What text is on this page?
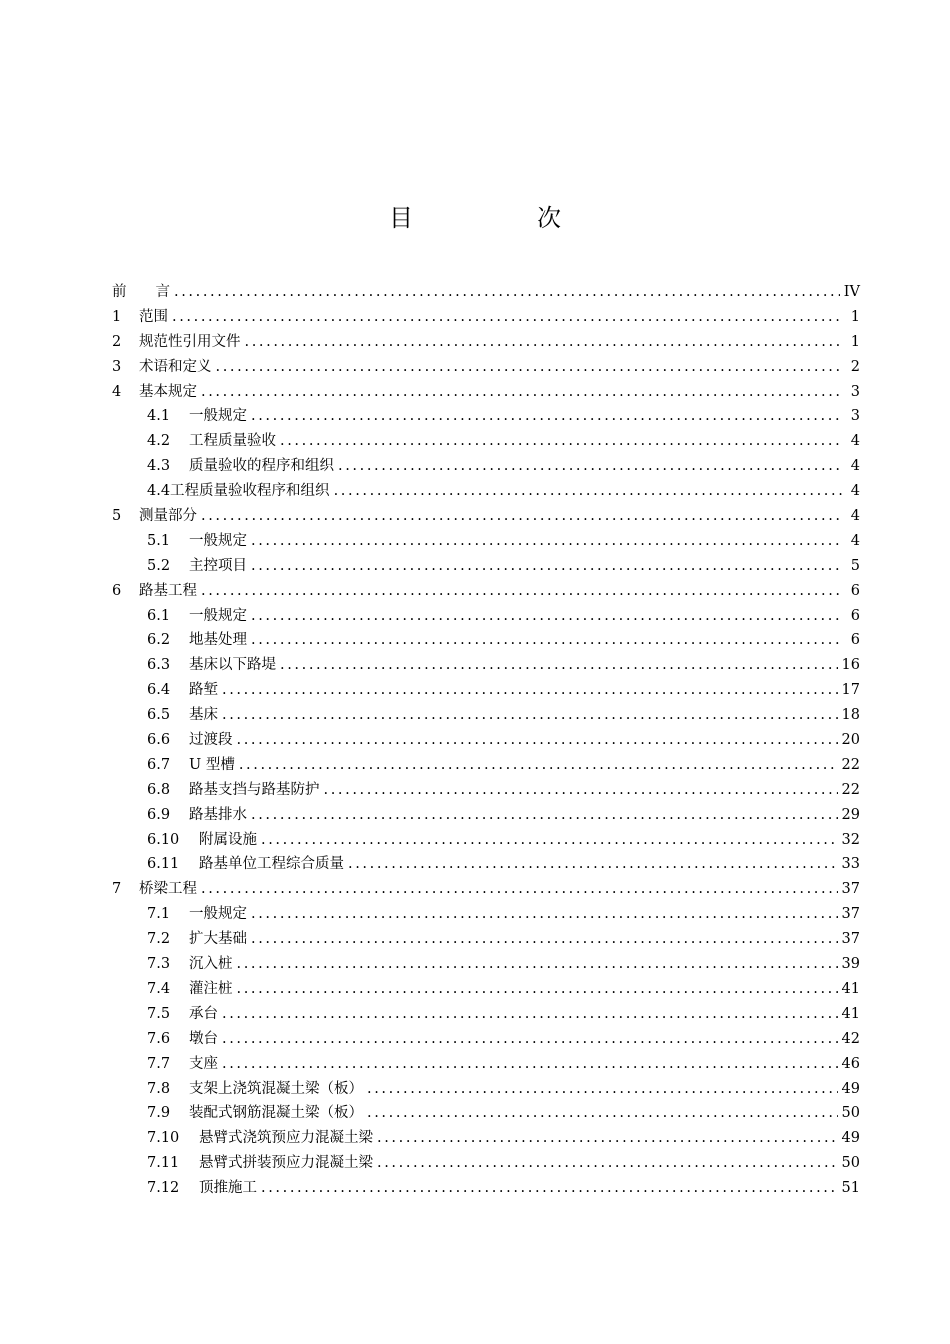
目　次
前　　言 .....	IV
1	范围 .....	1
2	规范性引用文件 .....	1
3	术语和定义 .....	2
4	基本规定 .....	3
4.1	一般规定 .....	3
4.2	工程质量验收 .....	4
4.3	质量验收的程序和组织 .....	4
4.4工程质量验收程序和组织 .....	4
5	测量部分 .....	4
5.1	一般规定 .....	4
5.2	主控项目 .....	5
6	路基工程 .....	6
6.1	一般规定 .....	6
6.2	地基处理 .....	6
6.3	基床以下路堤 .....	16
6.4	路堑 .....	17
6.5	基床 .....	18
6.6	过渡段 .....	20
6.7	U 型槽 .....	22
6.8	路基支挡与路基防护 .....	22
6.9	路基排水 .....	29
6.10	附属设施 .....	32
6.11	路基单位工程综合质量 .....	33
7	桥梁工程 .....	37
7.1	一般规定 .....	37
7.2	扩大基础 .....	37
7.3	沉入桩 .....	39
7.4	灌注桩 .....	41
7.5	承台 .....	41
7.6	墩台 .....	42
7.7	支座 .....	46
7.8	支架上浇筑混凝土梁（板） .....	49
7.9	装配式钢筋混凝土梁（板） .....	50
7.10	悬臂式浇筑预应力混凝土梁 .....	49
7.11	悬臂式拼装预应力混凝土梁 .....	50
7.12	顶推施工 .....	51
